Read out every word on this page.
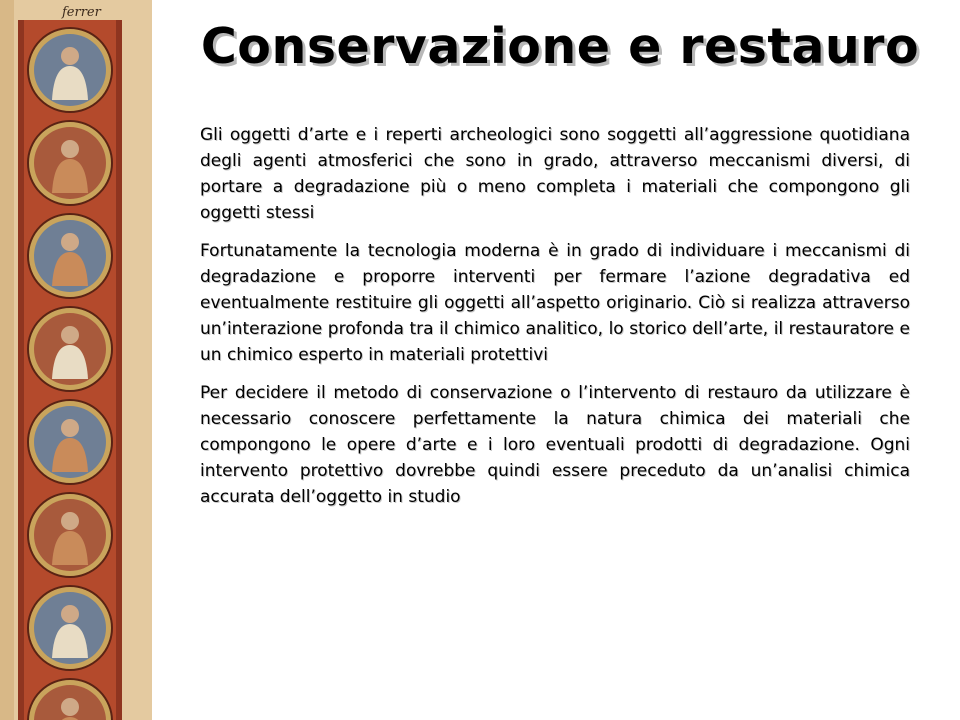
ferrer
Conservazione e restauro

Gli oggetti d’arte e i reperti archeologici sono soggetti all’aggressione quotidiana degli agenti atmosferici che sono in grado, attraverso meccanismi diversi, di portare a degradazione più o meno completa i materiali che compongono gli oggetti stessi

Fortunatamente la tecnologia moderna è in grado di individuare i meccanismi di degradazione e proporre interventi per fermare l’azione degradativa ed eventualmente restituire gli oggetti all’aspetto originario. Ciò si realizza attraverso un’interazione profonda tra il chimico analitico, lo storico dell’arte, il restauratore e un chimico esperto in materiali protettivi

Per decidere il metodo di conservazione o l’intervento di restauro da utilizzare è necessario conoscere perfettamente la natura chimica dei materiali che compongono le opere d’arte e i loro eventuali prodotti di degradazione. Ogni intervento protettivo dovrebbe quindi essere preceduto da un’analisi chimica accurata dell’oggetto in studio
